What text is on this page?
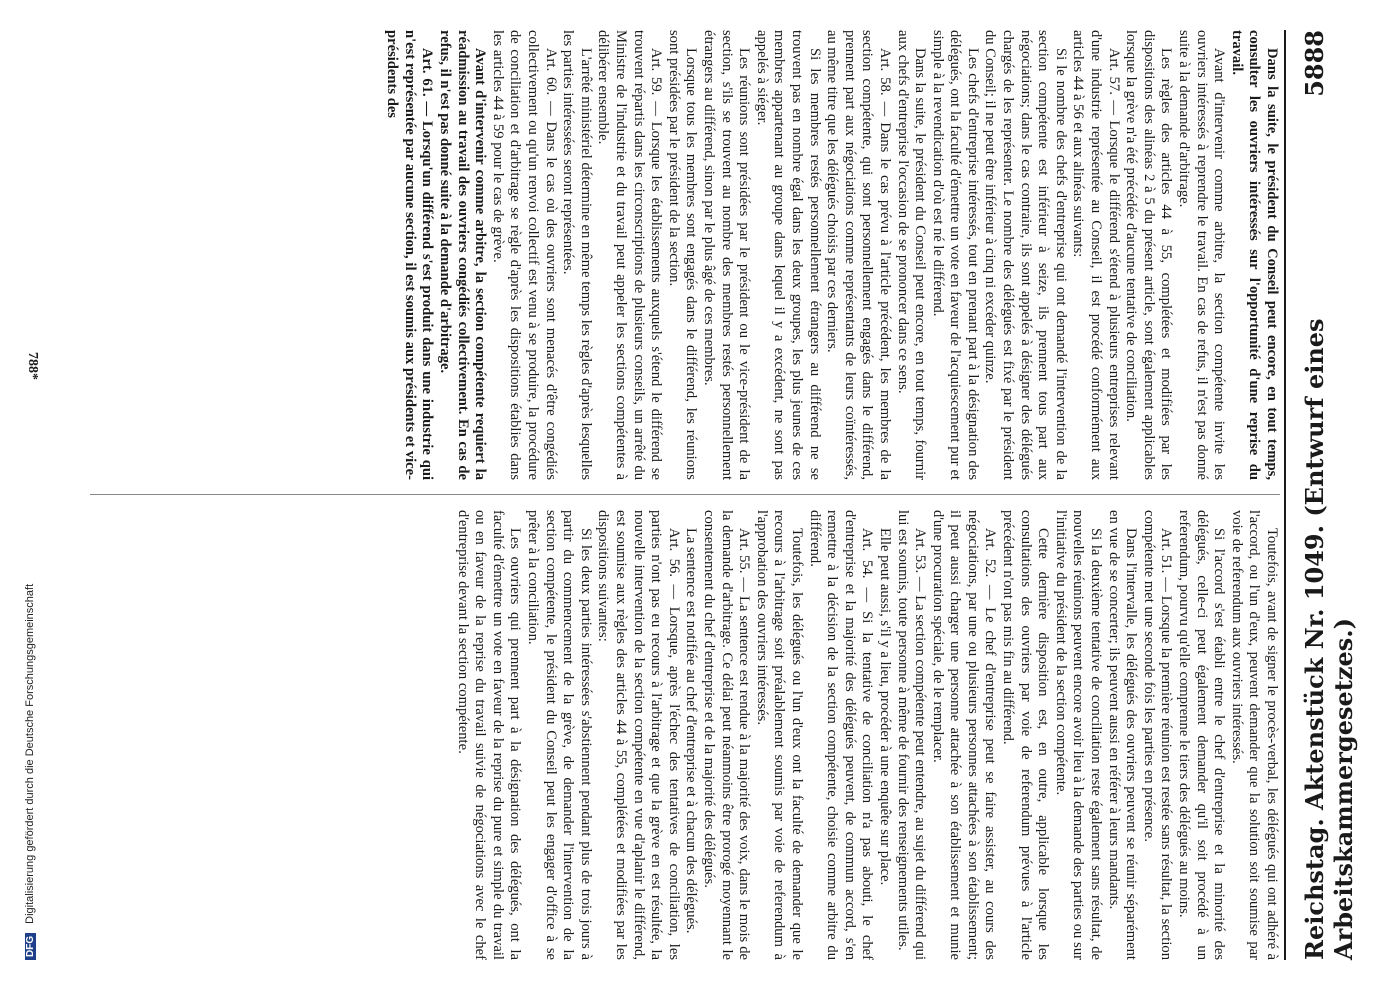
Reichstag. Aktenstück Nr. 1049. (Entwurf eines Arbeitskammergesetzes.)
5888

Toutefois, avant de signer le procès-verbal, les délégués qui ont adhéré à l'accord, ou l'un d'eux, peuvent demander que la solution soit soumise par voie de referendum aux ouvriers intéressés.

Si l'accord s'est établi entre le chef d'entreprise et la minorité des délégués, celle-ci peut également demander qu'il soit procédé à un referendum, pourvu qu'elle comprenne le tiers des délégués au moins.

Art. 51. — Lorsque la première réunion est restée sans résultat, la section compétente met une seconde fois les parties en présence.

Dans l'intervalle, les délégués des ouvriers peuvent se réunir séparément en vue de se concerter; ils peuvent aussi en référer à leurs mandants.

Si la deuxième tentative de conciliation reste également sans résultat, de nouvelles réunions peuvent encore avoir lieu à la demande des parties ou sur l'initiative du président de la section compétente.

Cette dernière disposition est, en outre, applicable lorsque les consultations des ouvriers par voie de referendum prévues à l'article précédent n'ont pas mis fin au différend.

Art. 52. — Le chef d'entreprise peut se faire assister, au cours des négociations, par une ou plusieurs personnes attachées à son établissement; il peut aussi charger une personne attachée à son établissement et munie d'une procuration spéciale, de le remplacer.

Art. 53. — La section compétente peut entendre, au sujet du différend qui lui est soumis, toute personne à même de fournir des renseignements utiles.

Elle peut aussi, s'il y a lieu, procéder à une enquête sur place.

Art. 54. — Si la tentative de conciliation n'a pas abouti, le chef d'entreprise et la majorité des délégués peuvent, de commun accord, s'en remettre à la décision de la section compétente, choisie comme arbitre du différend.

Toutefois, les délégués ou l'un d'eux ont la faculté de demander que le recours à l'arbitrage soit préalablement soumis par voie de referendum à l'approbation des ouvriers intéressés.

Art. 55. — La sentence est rendue à la majorité des voix, dans le mois de la demande d'arbitrage. Ce délai peut néanmoins être prorogé moyennant le consentement du chef d'entreprise et de la majorité des délégués.

La sentence est notifiée au chef d'entreprise et à chacun des délégués.

Art. 56. — Lorsque, après l'échec des tentatives de conciliation, les parties n'ont pas eu recours à l'arbitrage et que la grève en est résultée, la nouvelle intervention de la section compétente en vue d'aplanir le différend, est soumise aux règles des articles 44 à 55, complétées et modifiées par les dispositions suivantes:

Si les deux parties intéressées s'abstiennent pendant plus de trois jours à partir du commencement de la grève, de demander l'intervention de la section compétente, le président du Conseil peut les engager d'office à se prêter à la conciliation.

Les ouvriers qui prennent part à la désignation des délégués, ont la faculté d'émettre un vote en faveur de la reprise du pure et simple du travail ou en faveur de la reprise du travail suivie de négociations avec le chef d'entreprise devant la section compétente.

Dans la suite, le président du Conseil peut encore, en tout temps, consulter les ouvriers intéressés sur l'opportunité d'une reprise du travail.

Avant d'intervenir comme arbitre, la section compétente invite les ouvriers intéressés à reprendre le travail. En cas de refus, il n'est pas donné suite à la demande d'arbitrage.

Les règles des articles 44 à 55, complétées et modifiées par les dispositions des alinéas 2 à 5 du présent article, sont également applicables lorsque la grève n'a été précédée d'aucune tentative de conciliation.

Art. 57. — Lorsque le différend s'étend à plusieurs entreprises relevant d'une industrie représentée au Conseil, il est procédé conformément aux articles 44 à 56 et aux alinéas suivants:

Si le nombre des chefs d'entreprise qui ont demandé l'intervention de la section compétente est inférieur à seize, ils prennent tous part aux négociations; dans le cas contraire, ils sont appelés à désigner des délégués chargés de les représenter. Le nombre des délégués est fixé par le président du Conseil; il ne peut être inférieur à cinq ni excéder quinze.

Les chefs d'entreprise intéressés, tout en prenant part à la désignation des délégués, ont la faculté d'émettre un vote en faveur de l'acquiescement pur et simple à la revendication d'où est né le différend.

Dans la suite, le président du Conseil peut encore, en tout temps, fournir aux chefs d'entreprise l'occasion de se prononcer dans ce sens.

Art. 58. — Dans le cas prévu à l'article précédent, les membres de la section compétente, qui sont personnellement engagés dans le différend, prennent part aux négociations comme représentants de leurs coïntéressés, au même titre que les délégués choisis par ces derniers.

Si les membres restés personnellement étrangers au différend ne se trouvent pas en nombre égal dans les deux groupes, les plus jeunes de ces membres appartenant au groupe dans lequel il y a excédent, ne sont pas appelés à siéger.

Les réunions sont présidées par le président ou le vice-président de la section, s'ils se trouvent au nombre des membres restés personnellement étrangers au différend, sinon par le plus âgé de ces membres.

Lorsque tous les membres sont engagés dans le différend, les réunions sont présidées par le président de la section.

Art. 59. — Lorsque les établissements auxquels s'étend le différend se trouvent répartis dans les circonscriptions de plusieurs conseils, un arrêté du Ministre de l'industrie et du travail peut appeler les sections compétentes à délibérer ensemble.

L'arrêté ministériel détermine en même temps les règles d'après lesquelles les parties intéressées seront représentées.

Art. 60. — Dans le cas où des ouvriers sont menacés d'être congédiés collectivement ou qu'un renvoi collectif est venu à se produire, la procédure de conciliation et d'arbitrage se règle d'après les dispositions établies dans les articles 44 à 59 pour le cas de grève.

Avant d'intervenir comme arbitre, la section compétente requiert la réadmission au travail des ouvriers congédiés collectivement. En cas de refus, il n'est pas donné suite à la demande d'arbitrage.

Art. 61. — Lorsqu'un différend s'est produit dans une industrie qui n'est représentée par aucune section, il est soumis aux présidents et vice-présidents des

788*
DFG Digitalisierung gefördert durch die Deutsche Forschungsgemeinschaft
